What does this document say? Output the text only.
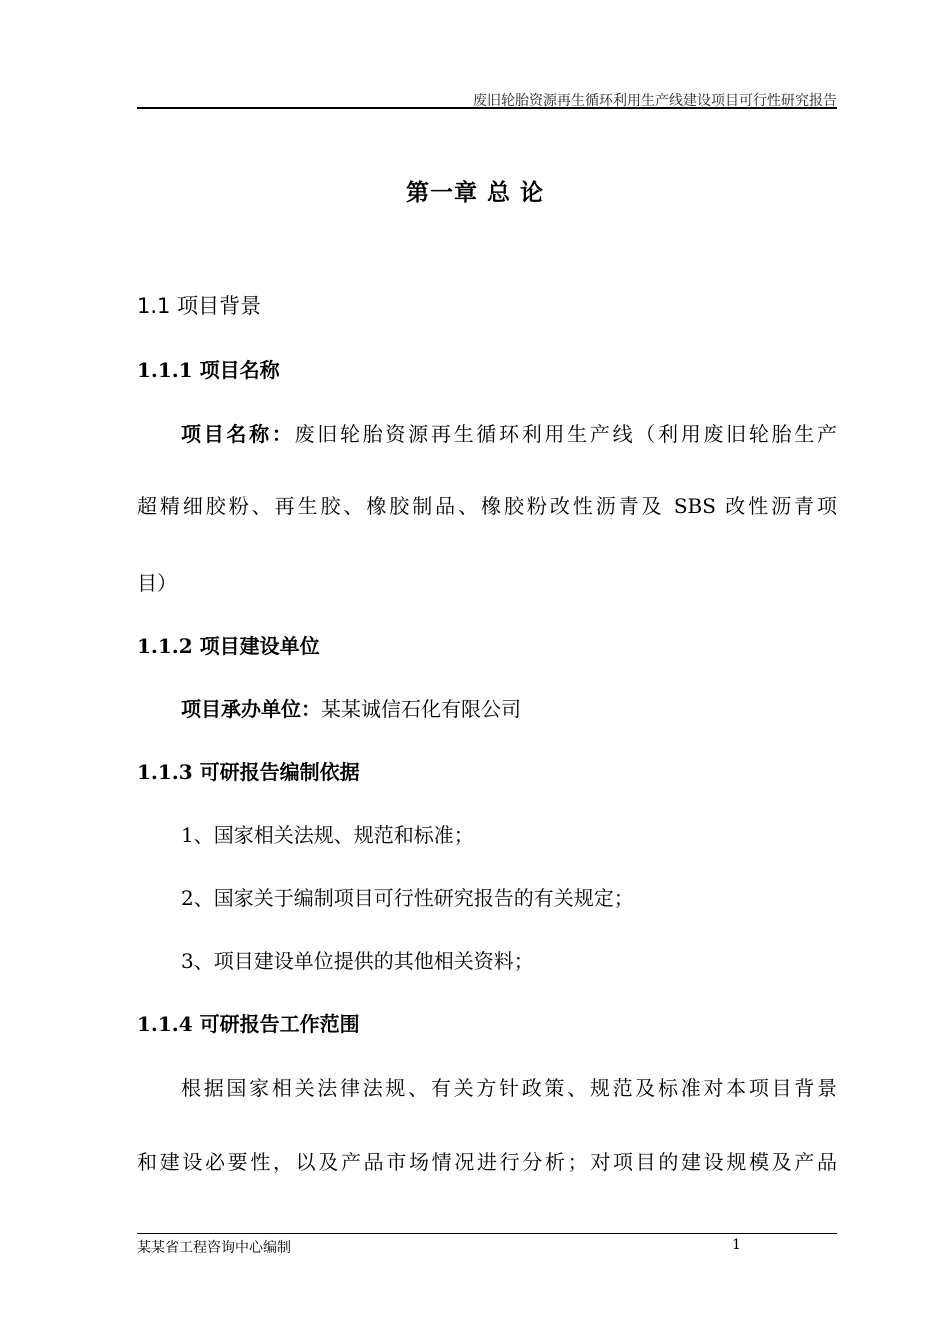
废旧轮胎资源再生循环利用生产线建设项目可行性研究报告
第一章 总 论
1.1 项目背景
1.1.1 项目名称
项目名称：废旧轮胎资源再生循环利用生产线（利用废旧轮胎生产
超精细胶粉、再生胶、橡胶制品、橡胶粉改性沥青及 SBS 改性沥青项
目）
1.1.2 项目建设单位
项目承办单位：某某诚信石化有限公司
1.1.3 可研报告编制依据
1、国家相关法规、规范和标准；
2、国家关于编制项目可行性研究报告的有关规定；
3、项目建设单位提供的其他相关资料；
1.1.4 可研报告工作范围
根据国家相关法律法规、有关方针政策、规范及标准对本项目背景
和建设必要性，以及产品市场情况进行分析；对项目的建设规模及产品
某某省工程咨询中心编制	1
